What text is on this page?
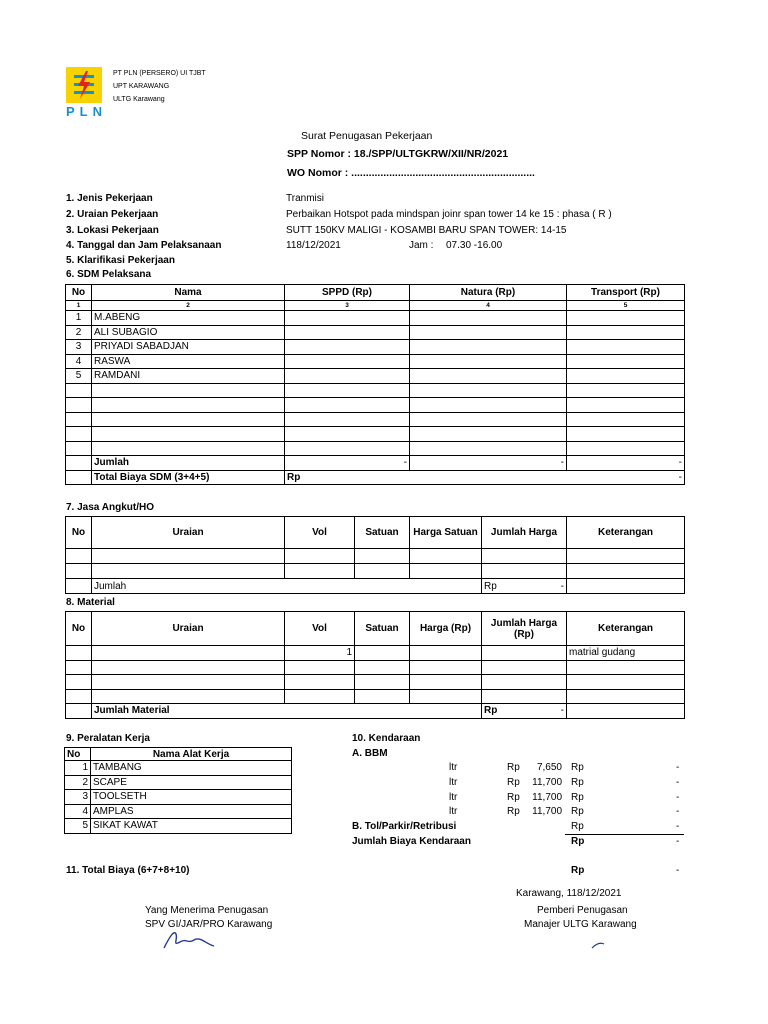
PLN
PT PLN (PERSERO) UI TJBT
UPT KARAWANG
ULTG Karawang
Surat Penugasan Pekerjaan
SPP Nomor : 18./SPP/ULTGKRW/XII/NR/2021
WO Nomor : ...............................................................
1. Jenis Pekerjaan	Tranmisi
2. Uraian Pekerjaan	Perbaikan Hotspot pada mindspan joinr span tower 14 ke 15 : phasa ( R )
3. Lokasi Pekerjaan	SUTT 150KV MALIGI - KOSAMBI BARU SPAN TOWER: 14-15
4. Tanggal dan Jam Pelaksanaan	118/12/2021	Jam : 07.30 -16.00
5. Klarifikasi Pekerjaan
6. SDM Pelaksana
No	Nama	SPPD (Rp)	Natura (Rp)	Transport (Rp)
1	2	3	4	5
1	M.ABENG			
2	ALI SUBAGIO			
3	PRIYADI SABADJAN			
4	RASWA			
5	RAMDANI			

	Jumlah	-	-	-
	Total Biaya SDM (3+4+5)	Rp -		
7. Jasa Angkut/HO
No	Uraian	Vol	Satuan	Harga Satuan	Jumlah Harga	Keterangan

	Jumlah				Rp -	

8. Material
No	Uraian	Vol	Satuan	Harga (Rp)	Jumlah Harga (Rp)	Keterangan
		1				matrial gudang

	Jumlah Material				Rp -	

9. Peralatan Kerja
No	Nama Alat Kerja
1	TAMBANG
2	SCAPE
3	TOOLSETH
4	AMPLAS
5	SIKAT KAWAT
10. Kendaraan
A. BBM
ltr	Rp	7,650 Rp	-
ltr	Rp	11,700 Rp	-
ltr	Rp	11,700 Rp	-
ltr	Rp	11,700 Rp	-
B. Tol/Parkir/Retribusi	Rp	-
Jumlah Biaya Kendaraan	Rp	-
11. Total Biaya (6+7+8+10)	Rp	-
Karawang, 118/12/2021
Yang Menerima Penugasan
SPV GI/JAR/PRO Karawang
Pemberi Penugasan
Manajer ULTG Karawang
